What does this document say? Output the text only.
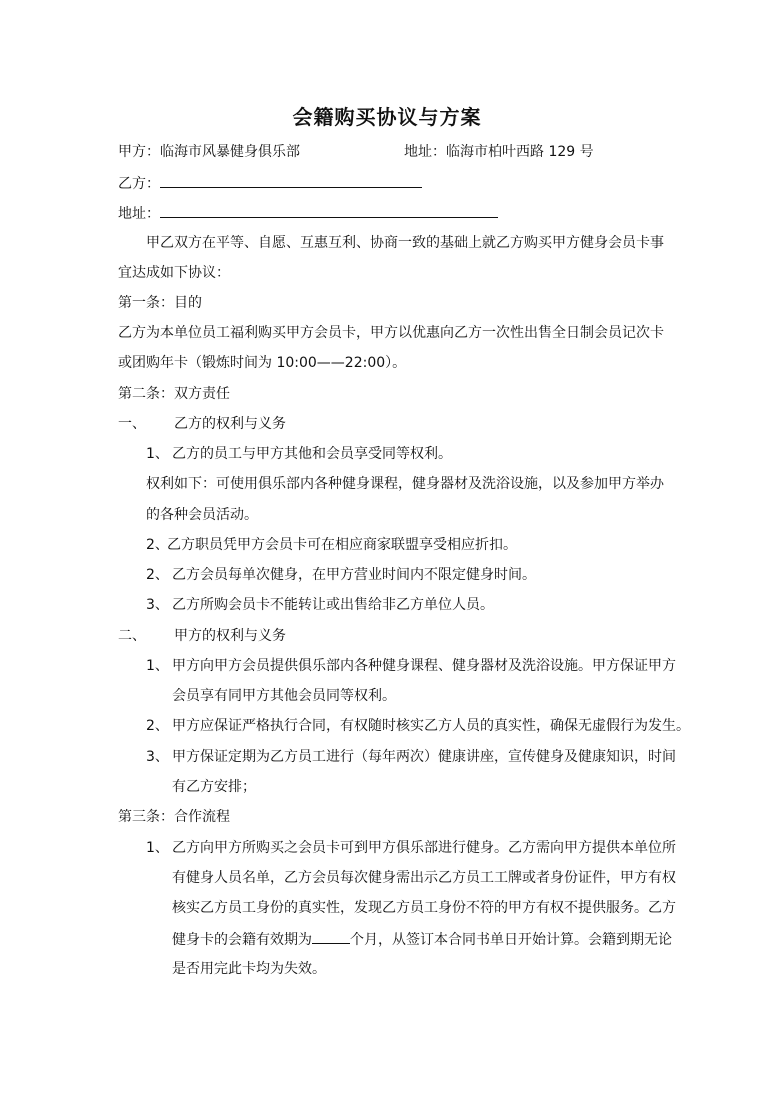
会籍购买协议与方案
甲方：临海市风暴健身俱乐部	地址：临海市柏叶西路 129 号
乙方：
地址：
甲乙双方在平等、自愿、互惠互利、协商一致的基础上就乙方购买甲方健身会员卡事
宜达成如下协议：
第一条：目的
乙方为本单位员工福利购买甲方会员卡，甲方以优惠向乙方一次性出售全日制会员记次卡
或团购年卡（锻炼时间为 10:00——22:00）。
第二条：双方责任
一、 乙方的权利与义务
1、 乙方的员工与甲方其他和会员享受同等权利。
权利如下：可使用俱乐部内各种健身课程，健身器材及洗浴设施，以及参加甲方举办
的各种会员活动。
2、
乙方职员凭甲方会员卡可在相应商家联盟享受相应折扣。
2、 乙方会员每单次健身，在甲方营业时间内不限定健身时间。
3、 乙方所购会员卡不能转让或出售给非乙方单位人员。
二、 甲方的权利与义务
1、 甲方向甲方会员提供俱乐部内各种健身课程、健身器材及洗浴设施。甲方保证甲方
会员享有同甲方其他会员同等权利。
2、 甲方应保证严格执行合同，有权随时核实乙方人员的真实性，确保无虚假行为发生。
3、 甲方保证定期为乙方员工进行（每年两次）健康讲座，宣传健身及健康知识，时间
有乙方安排；
第三条：合作流程
1、 乙方向甲方所购买之会员卡可到甲方俱乐部进行健身。乙方需向甲方提供本单位所
有健身人员名单，乙方会员每次健身需出示乙方员工工牌或者身份证件，甲方有权
核实乙方员工身份的真实性，发现乙方员工身份不符的甲方有权不提供服务。乙方
健身卡的会籍有效期为	个月，从签订本合同书单日开始计算。会籍到期无论
是否用完此卡均为失效。
